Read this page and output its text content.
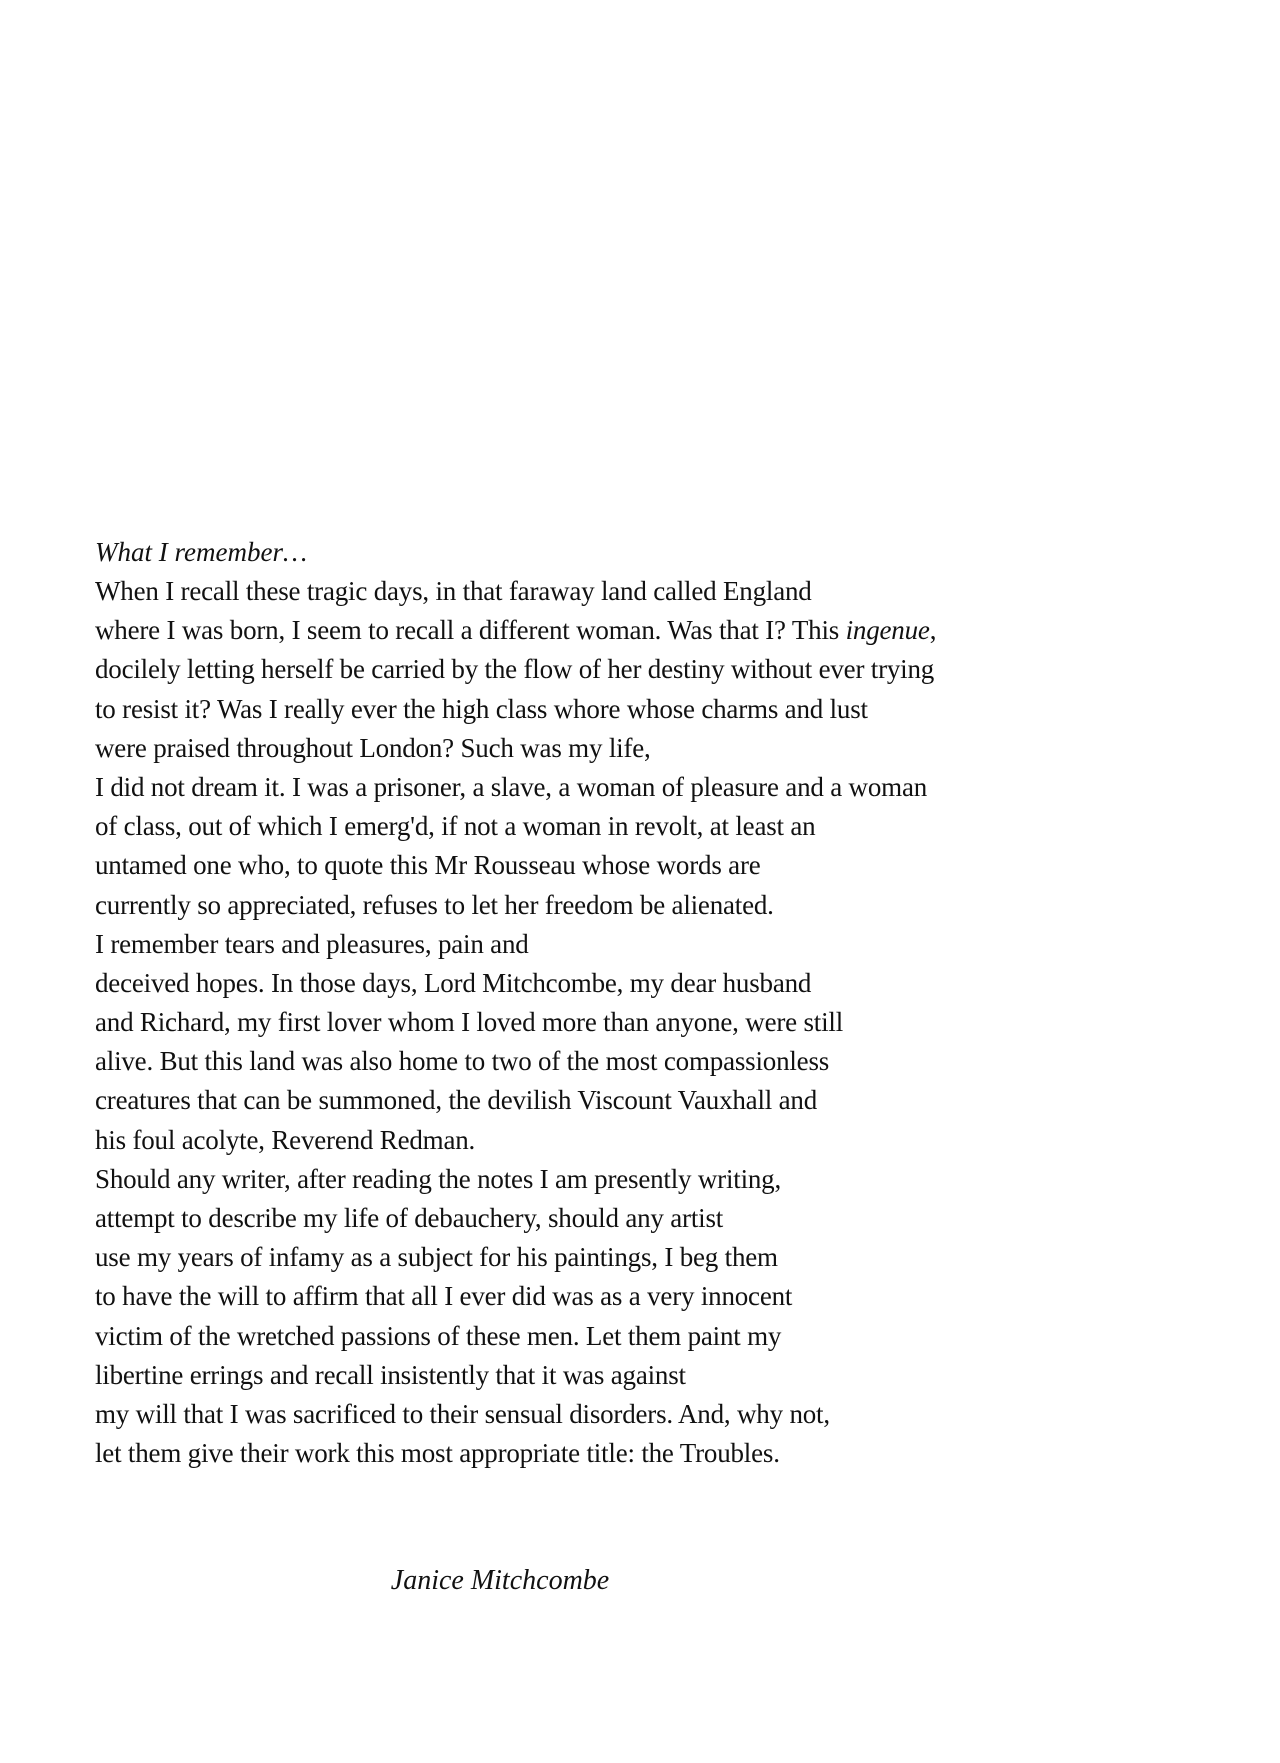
What I remember…
When I recall these tragic days, in that faraway land called England
where I was born, I seem to recall a different woman. Was that I? This ingenue,
docilely letting herself be carried by the flow of her destiny without ever trying
to resist it? Was I really ever the high class whore whose charms and lust
were praised throughout London? Such was my life,
I did not dream it. I was a prisoner, a slave, a woman of pleasure and a woman
of class, out of which I emerg'd, if not a woman in revolt, at least an
untamed one who, to quote this Mr Rousseau whose words are
currently so appreciated, refuses to let her freedom be alienated.
I remember tears and pleasures, pain and
deceived hopes. In those days, Lord Mitchcombe, my dear husband
and Richard, my first lover whom I loved more than anyone, were still
alive. But this land was also home to two of the most compassionless
creatures that can be summoned, the devilish Viscount Vauxhall and
his foul acolyte, Reverend Redman.
Should any writer, after reading the notes I am presently writing,
attempt to describe my life of debauchery, should any artist
use my years of infamy as a subject for his paintings, I beg them
to have the will to affirm that all I ever did was as a very innocent
victim of the wretched passions of these men. Let them paint my
libertine errings and recall insistently that it was against
my will that I was sacrificed to their sensual disorders. And, why not,
let them give their work this most appropriate title: the Troubles.
Janice Mitchcombe
